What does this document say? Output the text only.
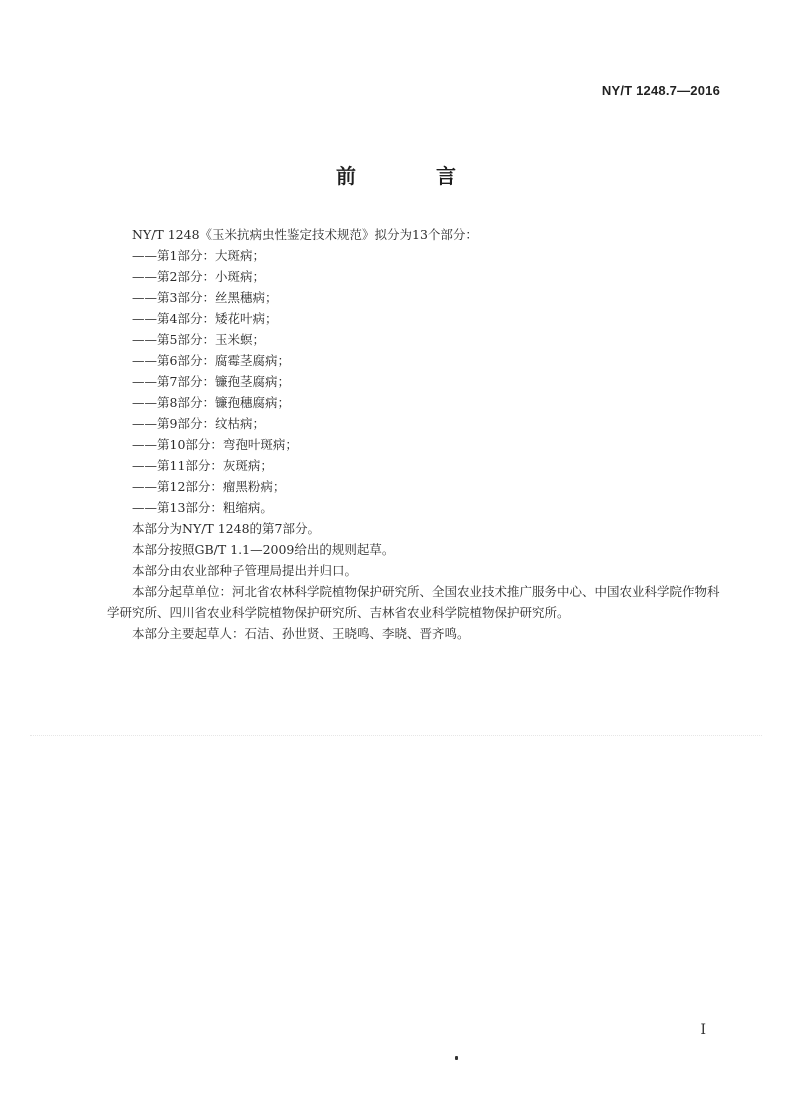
NY/T 1248.7—2016
前　言

NY/T 1248《玉米抗病虫性鉴定技术规范》拟分为13个部分：

——第1部分：大斑病；

——第2部分：小斑病；

——第3部分：丝黑穗病；

——第4部分：矮花叶病；

——第5部分：玉米螟；

——第6部分：腐霉茎腐病；

——第7部分：镰孢茎腐病；

——第8部分：镰孢穗腐病；

——第9部分：纹枯病；

——第10部分：弯孢叶斑病；

——第11部分：灰斑病；

——第12部分：瘤黑粉病；

——第13部分：粗缩病。

本部分为NY/T 1248的第7部分。

本部分按照GB/T 1.1—2009给出的规则起草。

本部分由农业部种子管理局提出并归口。

本部分起草单位：河北省农林科学院植物保护研究所、全国农业技术推广服务中心、中国农业科学院作物科学研究所、四川省农业科学院植物保护研究所、吉林省农业科学院植物保护研究所。

本部分主要起草人：石洁、孙世贤、王晓鸣、李晓、晋齐鸣。

I
